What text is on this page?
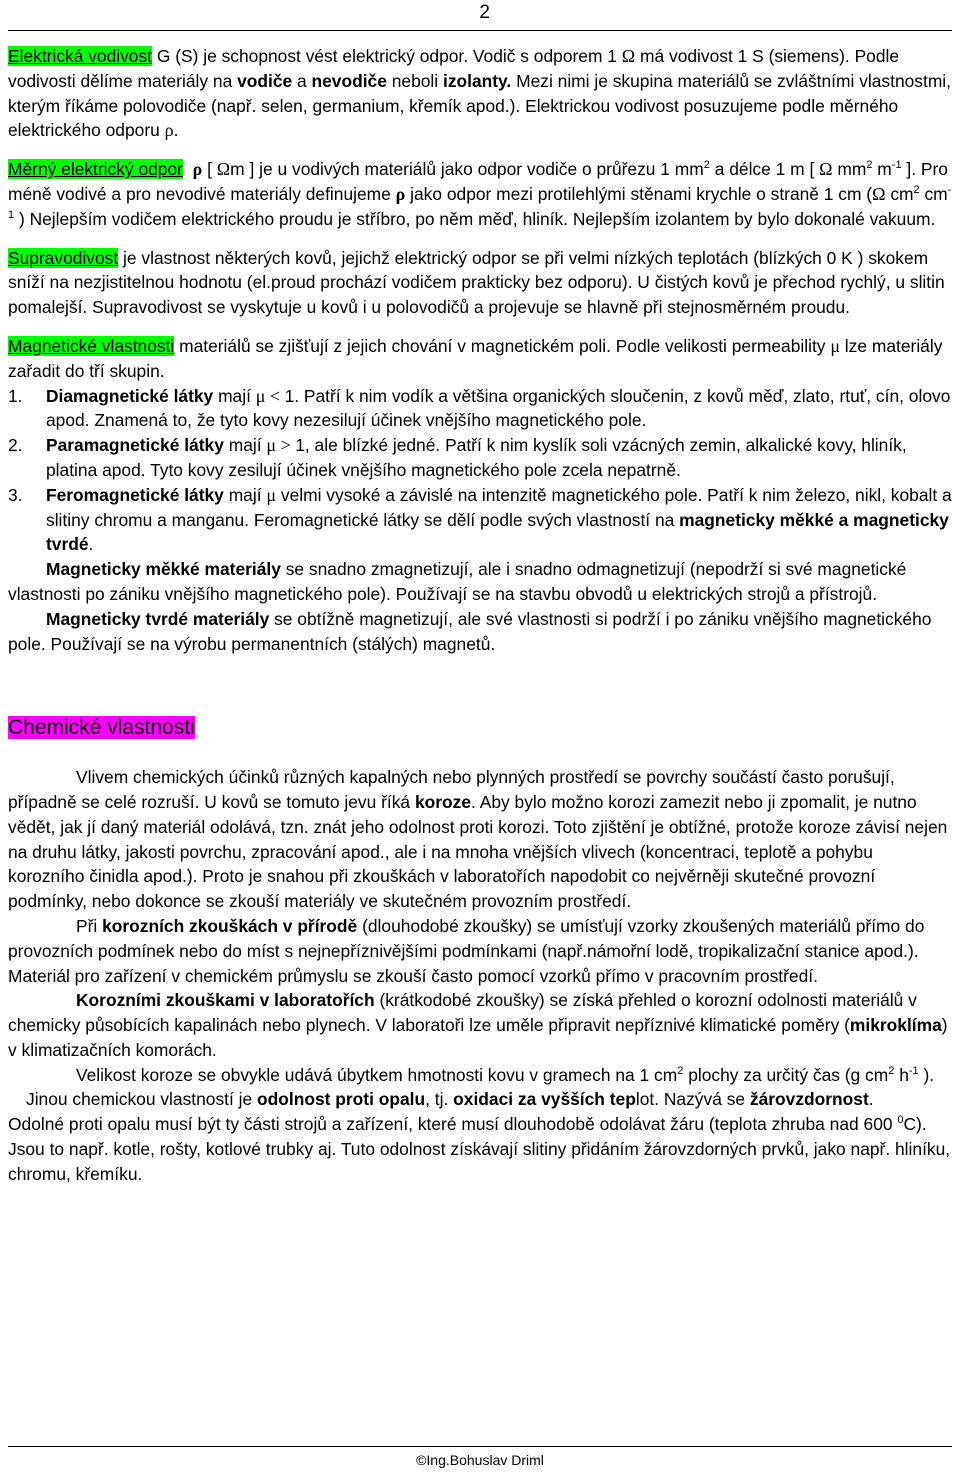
2

Elektrická vodivost G (S) je schopnost vést elektrický odpor. Vodič s odporem 1 Ω má vodivost 1 S (siemens). Podle vodivosti dělíme materiály na vodiče a nevodiče neboli izolanty. Mezi nimi je skupina materiálů se zvláštními vlastnostmi, kterým říkáme polovodiče (např. selen, germanium, křemík apod.). Elektrickou vodivost posuzujeme podle měrného elektrického odporu ρ.

Měrný elektrický odpor ρ [ Ωm ] je u vodivých materiálů jako odpor vodiče o průřezu 1 $mm^2$ a délce 1 m [ Ω $mm^2$ $m^{-1}$ ]. Pro méně vodivé a pro nevodivé materiály definujeme ρ jako odpor mezi protilehlými stěnami krychle o straně 1 cm (Ω $cm^2$ $cm^{-1}$ ) Nejlepším vodičem elektrického proudu je stříbro, po něm měď, hliník. Nejlepším izolantem by bylo dokonalé vakuum.

Supravodivost je vlastnost některých kovů, jejichž elektrický odpor se při velmi nízkých teplotách (blízkých 0 K ) skokem sníží na nezjistitelnou hodnotu (el.proud prochází vodičem prakticky bez odporu). U čistých kovů je přechod rychlý, u slitin pomalejší. Supravodivost se vyskytuje u kovů i u polovodičů a projevuje se hlavně při stejnosměrném proudu.

Magnetické vlastnosti materiálů se zjišťují z jejich chování v magnetickém poli. Podle velikosti permeability μ lze materiály zařadit do tří skupin.

1.	Diamagnetické látky mají μ < 1. Patří k nim vodík a většina organických sloučenin, z kovů měď, zlato, rtuť, cín, olovo apod. Znamená to, že tyto kovy nezesilují účinek vnějšího magnetického pole.
2.	Paramagnetické látky mají μ > 1, ale blízké jedné. Patří k nim kyslík soli vzácných zemin, alkalické kovy, hliník, platina apod. Tyto kovy zesilují účinek vnějšího magnetického pole zcela nepatrně.
3.	Feromagnetické látky mají μ velmi vysoké a závislé na intenzitě magnetického pole. Patří k nim železo, nikl, kobalt a slitiny chromu a manganu. Feromagnetické látky se dělí podle svých vlastností na magneticky měkké a magneticky tvrdé.

Magneticky měkké materiály se snadno zmagnetizují, ale i snadno odmagnetizují (nepodrží si své magnetické vlastnosti po zániku vnějšího magnetického pole). Používají se na stavbu obvodů u elektrických strojů a přístrojů.

Magneticky tvrdé materiály se obtížně magnetizují, ale své vlastnosti si podrží i po zániku vnějšího magnetického pole. Používají se na výrobu permanentních (stálých) magnetů.

Chemické vlastnosti

Vlivem chemických účinků různých kapalných nebo plynných prostředí se povrchy součástí často porušují, případně se celé rozruší. U kovů se tomuto jevu říká koroze. Aby bylo možno korozi zamezit nebo ji zpomalit, je nutno vědět, jak jí daný materiál odolává, tzn. znát jeho odolnost proti korozi. Toto zjištění je obtížné, protože koroze závisí nejen na druhu látky, jakosti povrchu, zpracování apod., ale i na mnoha vnějších vlivech (koncentraci, teplotě a pohybu korozního činidla apod.). Proto je snahou při zkouškách v laboratořích napodobit co nejvěrněji skutečné provozní podmínky, nebo dokonce se zkouší materiály ve skutečném provozním prostředí.

Při korozních zkouškách v přírodě (dlouhodobé zkoušky) se umísťují vzorky zkoušených materiálů přímo do provozních podmínek nebo do míst s nejnepříznivějšími podmínkami (např.námořní lodě, tropikalizační stanice apod.). Materiál pro zařízení v chemickém průmyslu se zkouší často pomocí vzorků přímo v pracovním prostředí.

Korozními zkouškami v laboratořích (krátkodobé zkoušky) se získá přehled o korozní odolnosti materiálů v chemicky působících kapalinách nebo plynech. V laboratoři lze uměle připravit nepříznivé klimatické poměry (mikroklíma) v klimatizačních komorách.

Velikost koroze se obvykle udává úbytkem hmotnosti kovu v gramech na 1 $cm^2$ plochy za určitý čas (g $cm^2$ $h^{-1}$ ).

Jinou chemickou vlastností je odolnost proti opalu, tj. oxidaci za vyšších teplot. Nazývá se žárovzdornost.

Odolné proti opalu musí být ty části strojů a zařízení, které musí dlouhodobě odolávat žáru (teplota zhruba nad 600 $^0$C). Jsou to např. kotle, rošty, kotlové trubky aj. Tuto odolnost získávají slitiny přidáním žárovzdorných prvků, jako např. hliníku, chromu, křemíku.

©Ing.Bohuslav Driml
